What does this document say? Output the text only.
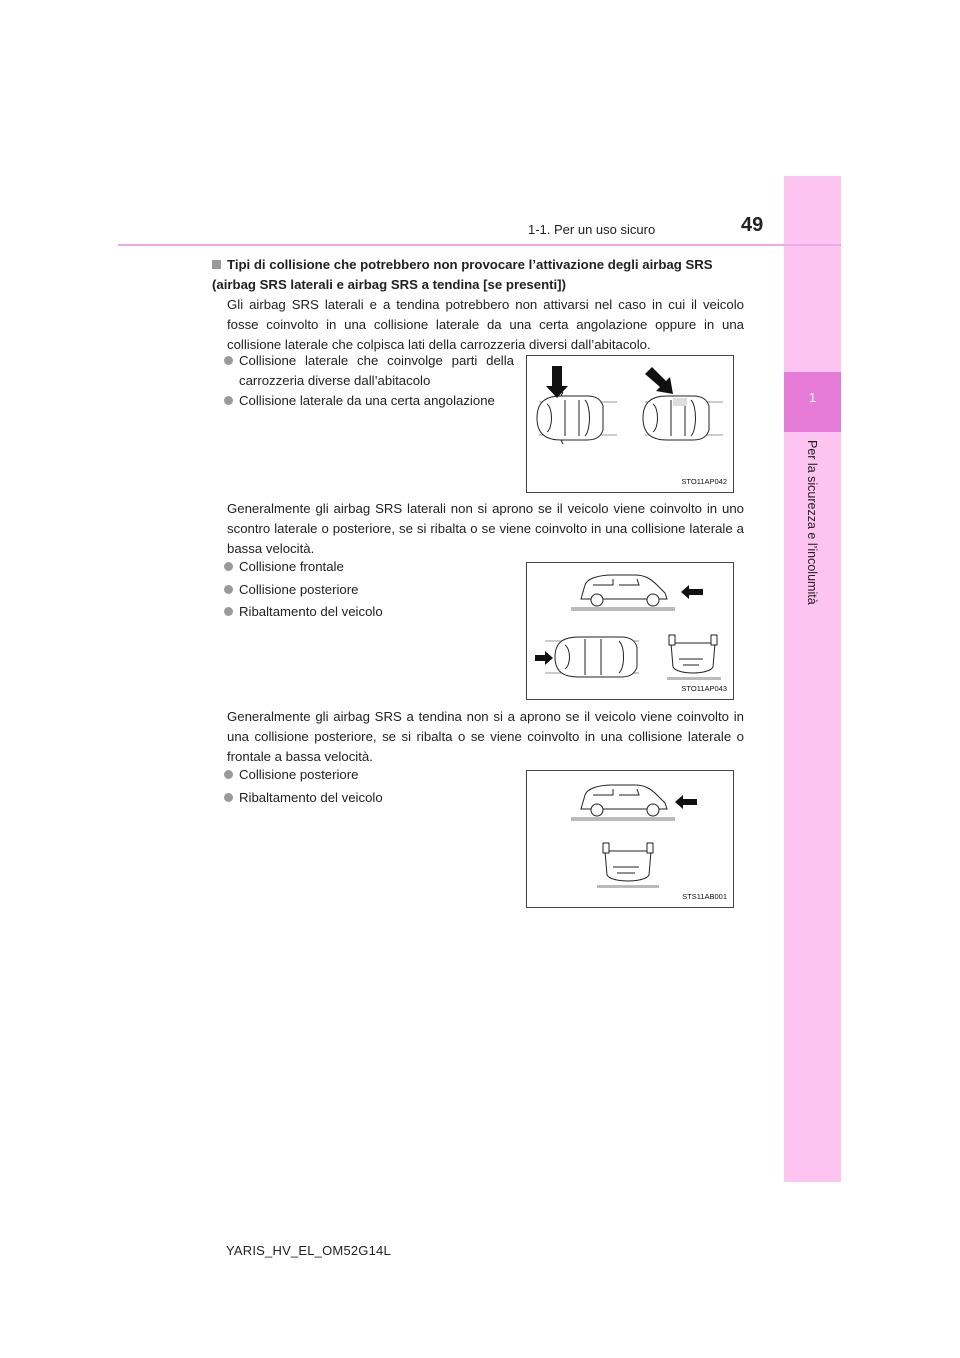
1
Per la sicurezza e l’incolumità
1-1. Per un uso sicuro	49
Tipi di collisione che potrebbero non provocare l’attivazione degli airbag SRS (airbag SRS laterali e airbag SRS a tendina [se presenti])
Gli airbag SRS laterali e a tendina potrebbero non attivarsi nel caso in cui il veicolo fosse coinvolto in una collisione laterale da una certa angolazione oppure in una collisione laterale che colpisca lati della carrozzeria diversi dall’abitacolo.
Collisione laterale che coinvolge parti della carrozzeria diverse dall’abitacolo
Collisione laterale da una certa angolazione
STO11AP042
Generalmente gli airbag SRS laterali non si aprono se il veicolo viene coinvolto in uno scontro laterale o posteriore, se si ribalta o se viene coinvolto in una collisione laterale a bassa velocità.
Collisione frontale
Collisione posteriore
Ribaltamento del veicolo
STO11AP043
Generalmente gli airbag SRS a tendina non si a aprono se il veicolo viene coinvolto in una collisione posteriore, se si ribalta o se viene coinvolto in una collisione laterale o frontale a bassa velocità.
Collisione posteriore
Ribaltamento del veicolo
STS11AB001
YARIS_HV_EL_OM52G14L
